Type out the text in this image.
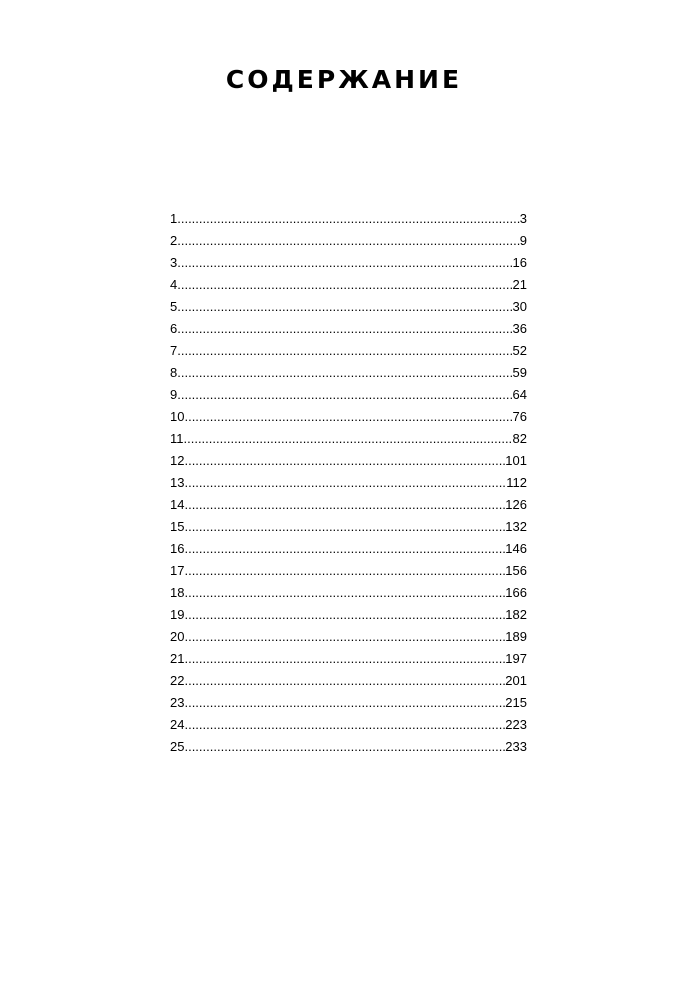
СОДЕРЖАНИЕ
1. .....	3
2. .....	9
3. .....	16
4. .....	21
5. .....	30
6. .....	36
7. .....	52
8. .....	59
9. .....	64
10. .....	76
11. .....	82
12. .....	101
13. .....	112
14. .....	126
15. .....	132
16. .....	146
17. .....	156
18. .....	166
19. .....	182
20. .....	189
21. .....	197
22. .....	201
23. .....	215
24. .....	223
25. .....	233
